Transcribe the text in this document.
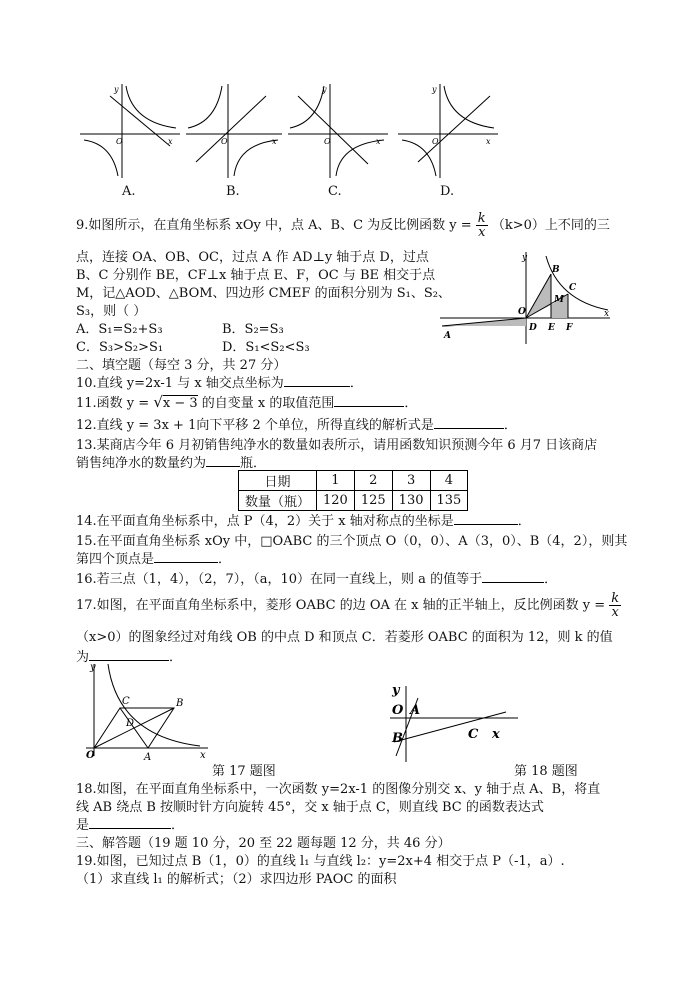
O	x
y
O	x	O	x
y
O	x
y
A.	B.	C.	D.
9.如图所示，在直角坐标系 xOy 中，点 A、B、C 为反比例函数 $y = \frac{k}{x} (k>0)$上不同的三
点，连接 OA、OB、OC，过点 A 作 AD⊥y 轴于点 D，过点
B、C 分别作 BE，CF⊥x 轴于点 E、F，OC 与 BE 相交于点
M，记△AOD、△BOM、四边形 CMEF 的面积分别为 S₁、S₂、
S₃，则（ ）
A．S₁=S₂+S₃	B．S₂=S₃
C．S₃>S₂>S₁	D．S₁<S₂<S₃
y
x
O
B
C
M
A
D E F
二、填空题（每空 3 分，共 27 分）
10.直线 y=2x-1 与 x 轴交点坐标为	．
11.函数 y = √x − 3 的自变量 x 的取值范围	．
12.直线 y = 3x + 1向下平移 2 个单位，所得直线的解析式是	．
13.某商店今年 6 月初销售纯净水的数量如表所示，请用函数知识预测今年 6 月7 日该商店
销售纯净水的数量约为	瓶．
日期	1	2	3	4
数量（瓶）	120	125	130	135
14.在平面直角坐标系中，点 P（4，2）关于 x 轴对称点的坐标是	．
15.在平面直角坐标系 xOy 中，□OABC 的三个顶点 O（0，0）、A（3，0）、B（4，2），则其
第四个顶点是	．
16.若三点（1，4），（2，7），（a，10）在同一直线上，则 a 的值等于	．
17.如图，在平面直角坐标系中，菱形 OABC 的边 OA 在 x 轴的正半轴上，反比例函数 $y = \frac{k}{x}$
（x>0）的图象经过对角线 OB 的中点 D 和顶点 C．若菱形 OABC 的面积为 12，则 k 的值
为	．
y
x
O
C	B
D
A
第 17 题图
y
O A
B	C x
第 18 题图
18.如图，在平面直角坐标系中，一次函数 y=2x-1 的图像分别交 x、y 轴于点 A、B，将直
线 AB 绕点 B 按顺时针方向旋转 45°，交 x 轴于点 C，则直线 BC 的函数表达式
是	．
三、解答题（19 题 10 分，20 至 22 题每题 12 分，共 46 分）
19.如图，已知过点 B（1，0）的直线 l₁ 与直线 l₂：y=2x+4 相交于点 P（-1，a）.
（1）求直线 l₁ 的解析式；（2）求四边形 PAOC 的面积
